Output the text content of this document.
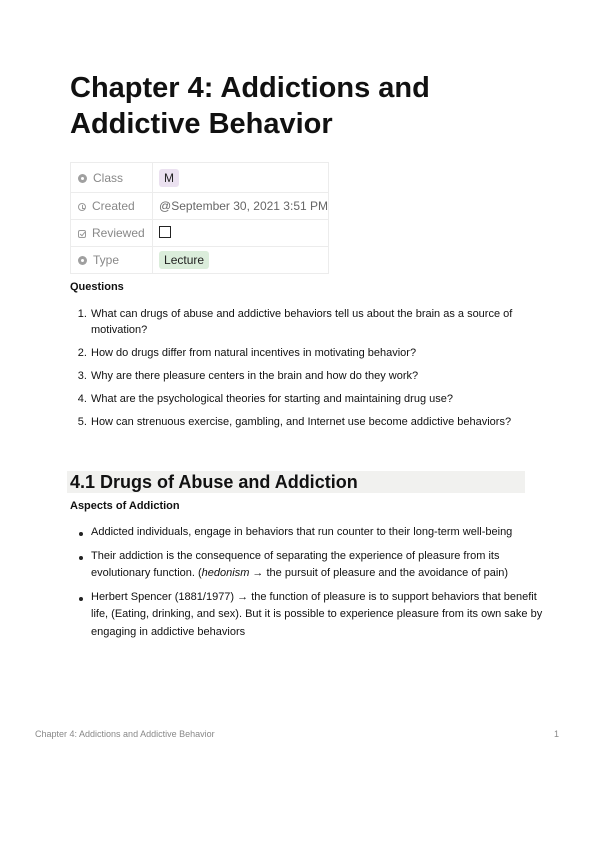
Chapter 4: Addictions and Addictive Behavior
Class	M
Created	@September 30, 2021 3:51 PM
Reviewed	
Type	Lecture
Questions
1. What can drugs of abuse and addictive behaviors tell us about the brain as a source of motivation?
2. How do drugs differ from natural incentives in motivating behavior?
3. Why are there pleasure centers in the brain and how do they work?
4. What are the psychological theories for starting and maintaining drug use?
5. How can strenuous exercise, gambling, and Internet use become addictive behaviors?
4.1 Drugs of Abuse and Addiction
Aspects of Addiction
Addicted individuals, engage in behaviors that run counter to their long-term well-being
Their addiction is the consequence of separating the experience of pleasure from its evolutionary function. (hedonism → the pursuit of pleasure and the avoidance of pain)
Herbert Spencer (1881/1977) → the function of pleasure is to support behaviors that benefit life, (Eating, drinking, and sex). But it is possible to experience pleasure from its own sake by engaging in addictive behaviors
Chapter 4: Addictions and Addictive Behavior	1
